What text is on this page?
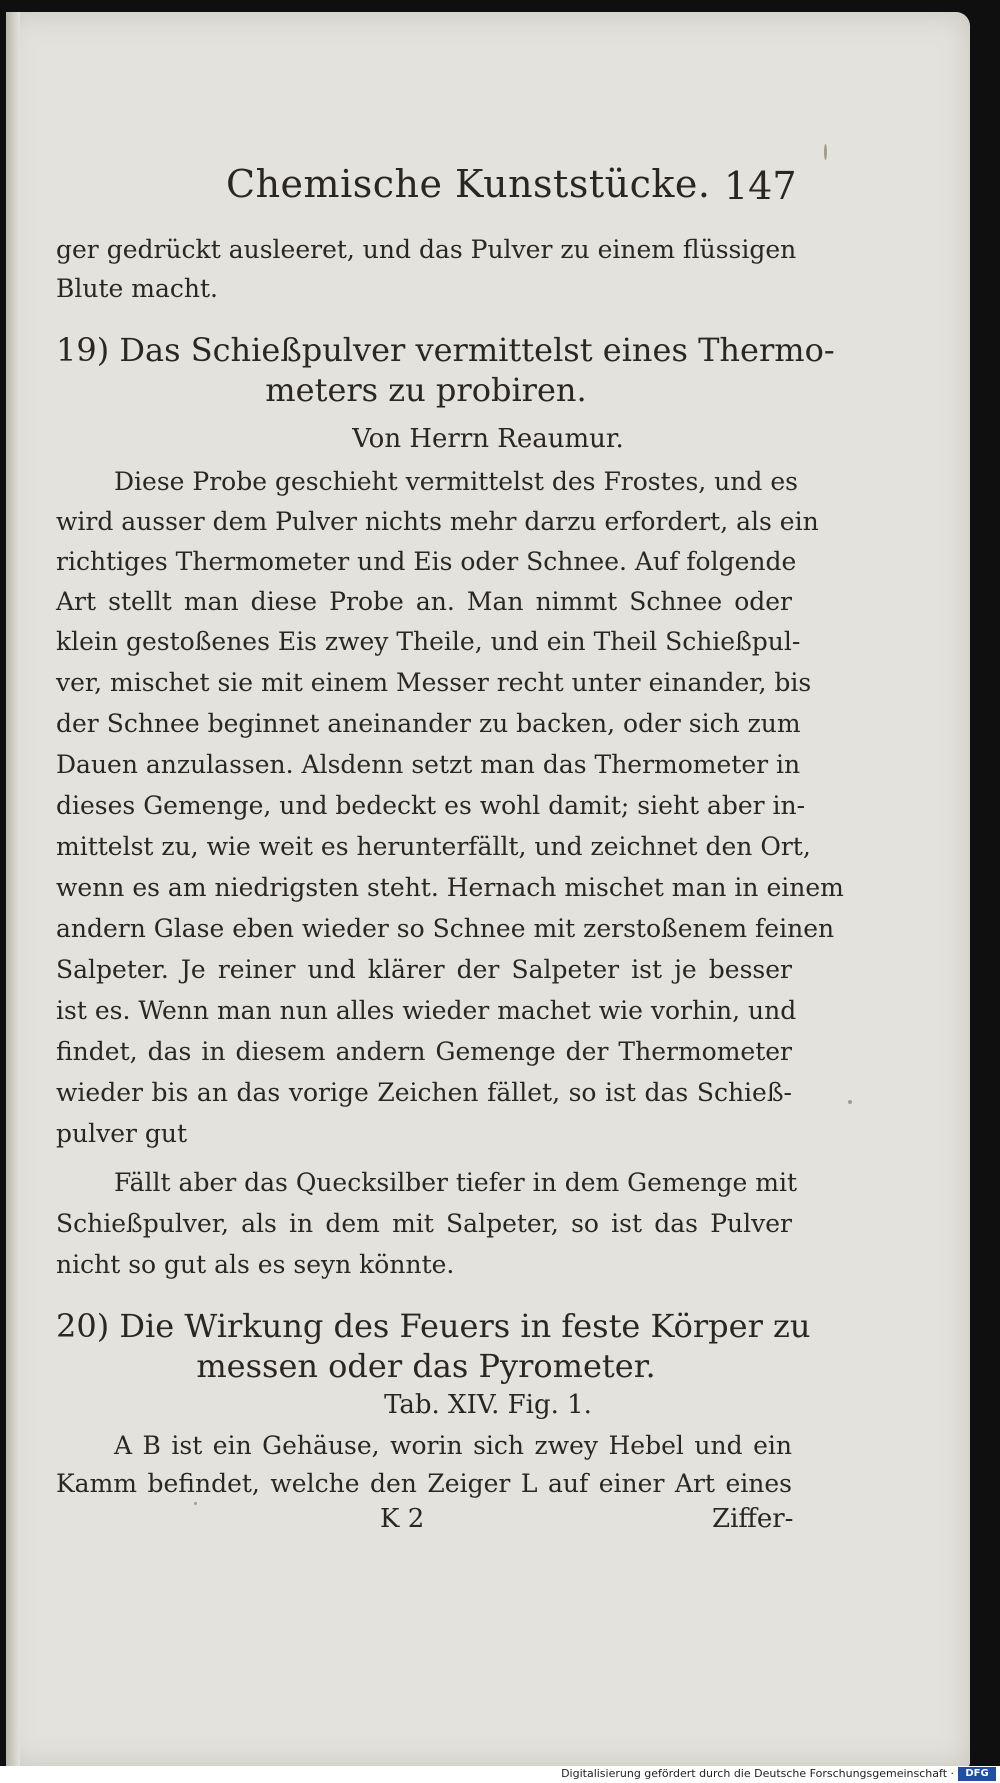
Chemische Kunststücke. 147
ger gedrückt ausleeret, und das Pulver zu einem flüssigen
Blute macht.
19) Das Schießpulver vermittelst eines Thermo-
meters zu probiren.
Von Herrn Reaumur.
Diese Probe geschieht vermittelst des Frostes, und es
wird ausser dem Pulver nichts mehr darzu erfordert, als ein
richtiges Thermometer und Eis oder Schnee. Auf folgende
Art stellt man diese Probe an. Man nimmt Schnee oder
klein gestoßenes Eis zwey Theile, und ein Theil Schießpul-
ver, mischet sie mit einem Messer recht unter einander, bis
der Schnee beginnet aneinander zu backen, oder sich zum
Dauen anzulassen. Alsdenn setzt man das Thermometer in
dieses Gemenge, und bedeckt es wohl damit; sieht aber in-
mittelst zu, wie weit es herunterfällt, und zeichnet den Ort,
wenn es am niedrigsten steht. Hernach mischet man in einem
andern Glase eben wieder so Schnee mit zerstoßenem feinen
Salpeter. Je reiner und klärer der Salpeter ist je besser
ist es. Wenn man nun alles wieder machet wie vorhin, und
findet, das in diesem andern Gemenge der Thermometer
wieder bis an das vorige Zeichen fället, so ist das Schieß-
pulver gut
Fällt aber das Quecksilber tiefer in dem Gemenge mit
Schießpulver, als in dem mit Salpeter, so ist das Pulver
nicht so gut als es seyn könnte.
20) Die Wirkung des Feuers in feste Körper zu
messen oder das Pyrometer.
Tab. XIV. Fig. 1.
A B ist ein Gehäuse, worin sich zwey Hebel und ein
Kamm befindet, welche den Zeiger L auf einer Art eines
K 2	Ziffer-
Digitalisierung gefördert durch die Deutsche Forschungsgemeinschaft ·	DFG
